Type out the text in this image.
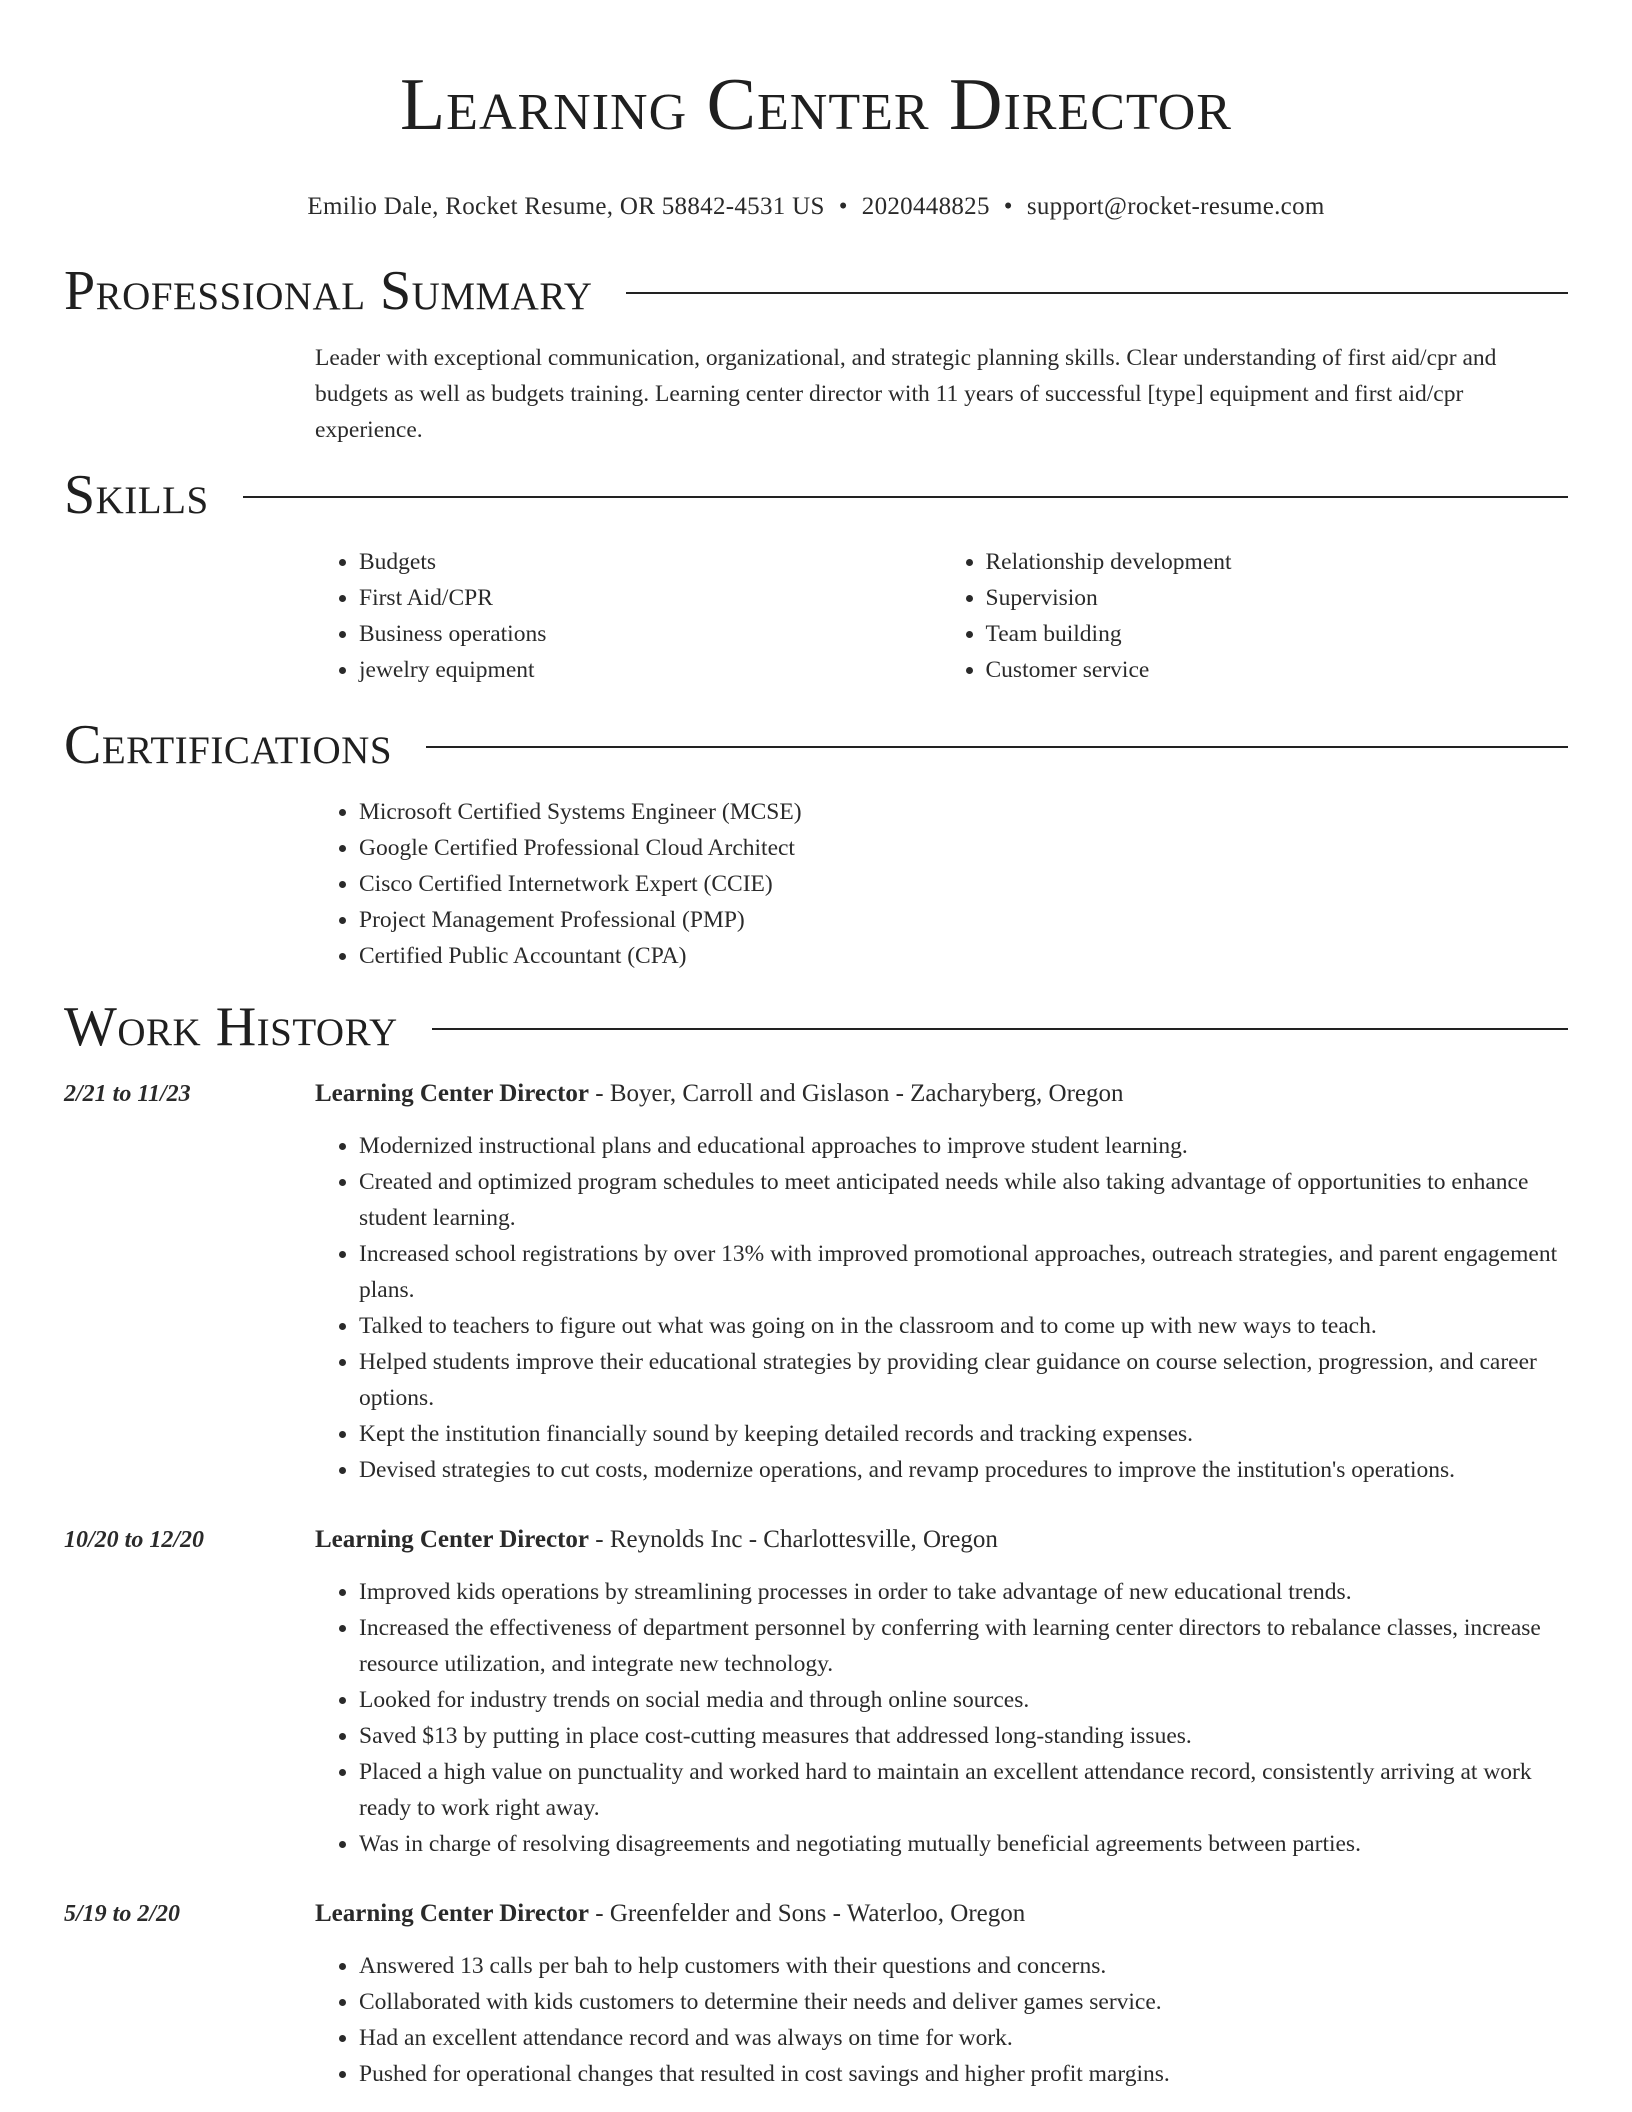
Learning Center Director
Emilio Dale, Rocket Resume, OR 58842-4531 US • 2020448825 • support@rocket-resume.com
Professional Summary

Leader with exceptional communication, organizational, and strategic planning skills. Clear understanding of first aid/cpr and budgets as well as budgets training. Learning center director with 11 years of successful [type] equipment and first aid/cpr experience.

Skills
• Budgets
• First Aid/CPR
• Business operations
• jewelry equipment
• Relationship development
• Supervision
• Team building
• Customer service
Certifications
• Microsoft Certified Systems Engineer (MCSE)
• Google Certified Professional Cloud Architect
• Cisco Certified Internetwork Expert (CCIE)
• Project Management Professional (PMP)
• Certified Public Accountant (CPA)
Work History
2/21 to 11/23	Learning Center Director - Boyer, Carroll and Gislason - Zacharyberg, Oregon
• Modernized instructional plans and educational approaches to improve student learning.
• Created and optimized program schedules to meet anticipated needs while also taking advantage of opportunities to enhance student learning.
• Increased school registrations by over 13% with improved promotional approaches, outreach strategies, and parent engagement plans.
• Talked to teachers to figure out what was going on in the classroom and to come up with new ways to teach.
• Helped students improve their educational strategies by providing clear guidance on course selection, progression, and career options.
• Kept the institution financially sound by keeping detailed records and tracking expenses.
• Devised strategies to cut costs, modernize operations, and revamp procedures to improve the institution's operations.
10/20 to 12/20	Learning Center Director - Reynolds Inc - Charlottesville, Oregon
• Improved kids operations by streamlining processes in order to take advantage of new educational trends.
• Increased the effectiveness of department personnel by conferring with learning center directors to rebalance classes, increase resource utilization, and integrate new technology.
• Looked for industry trends on social media and through online sources.
• Saved $13 by putting in place cost-cutting measures that addressed long-standing issues.
• Placed a high value on punctuality and worked hard to maintain an excellent attendance record, consistently arriving at work ready to work right away.
• Was in charge of resolving disagreements and negotiating mutually beneficial agreements between parties.
5/19 to 2/20	Learning Center Director - Greenfelder and Sons - Waterloo, Oregon
• Answered 13 calls per bah to help customers with their questions and concerns.
• Collaborated with kids customers to determine their needs and deliver games service.
• Had an excellent attendance record and was always on time for work.
• Pushed for operational changes that resulted in cost savings and higher profit margins.
